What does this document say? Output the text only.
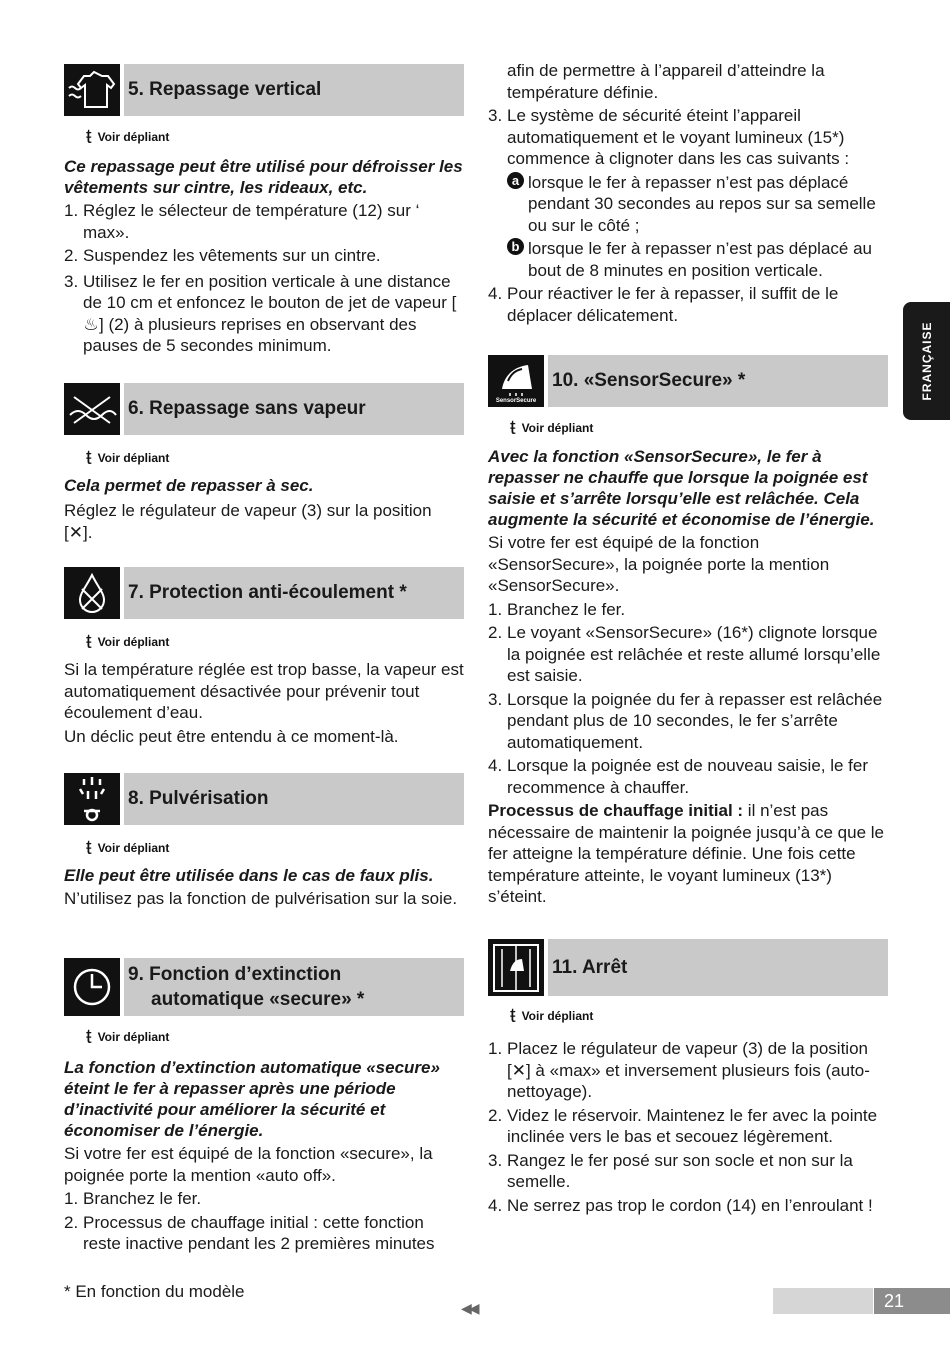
5. Repassage vertical
ŧ Voir dépliant

Ce repassage peut être utilisé pour défroisser les vêtements sur cintre, les rideaux, etc.

1. Réglez le sélecteur de température (12) sur ‘ max».
2. Suspendez les vêtements sur un cintre.
3. Utilisez le fer en position verticale à une distance de 10 cm et enfoncez le bouton de jet de vapeur [♨] (2) à plusieurs reprises en observant des pauses de 5 secondes minimum.
6. Repassage sans vapeur
ŧ Voir dépliant

Cela permet de repasser à sec.

Réglez le régulateur de vapeur (3) sur la position [✕].

7. Protection anti-écoulement *
ŧ Voir dépliant

Si la température réglée est trop basse, la vapeur est automatiquement désactivée pour prévenir tout écoulement d’eau.

Un déclic peut être entendu à ce moment-là.

8. Pulvérisation
ŧ Voir dépliant

Elle peut être utilisée dans le cas de faux plis.

N’utilisez pas la fonction de pulvérisation sur la soie.

9. Fonction d’extinction
automatique «secure» *
ŧ Voir dépliant

La fonction d’extinction automatique «secure» éteint le fer à repasser après une période d’inactivité pour améliorer la sécurité et économiser de l’énergie.

Si votre fer est équipé de la fonction «secure», la poignée porte la mention «auto off».

1. Branchez le fer.
2. Processus de chauffage initial : cette fonction reste inactive pendant les 2 premières minutes
* En fonction du modèle
afin de permettre à l’appareil d’atteindre la température définie.
3. Le système de sécurité éteint l’appareil automatiquement et le voyant lumineux (15*) commence à clignoter dans les cas suivants :
a lorsque le fer à repasser n’est pas déplacé pendant 30 secondes au repos sur sa semelle ou sur le côté ;
b lorsque le fer à repasser n’est pas déplacé au bout de 8 minutes en position verticale.
4. Pour réactiver le fer à repasser, il suffit de le déplacer délicatement.
SensorSecure
10. «SensorSecure» *
ŧ Voir dépliant

Avec la fonction «SensorSecure», le fer à repasser ne chauffe que lorsque la poignée est saisie et s’arrête lorsqu’elle est relâchée. Cela augmente la sécurité et économise de l’énergie.

Si votre fer est équipé de la fonction «SensorSecure», la poignée porte la mention «SensorSecure».

1. Branchez le fer.
2. Le voyant «SensorSecure» (16*) clignote lorsque la poignée est relâchée et reste allumé lorsqu’elle est saisie.
3. Lorsque la poignée du fer à repasser est relâchée pendant plus de 10 secondes, le fer s’arrête automatiquement.
4. Lorsque la poignée est de nouveau saisie, le fer recommence à chauffer.

Processus de chauffage initial : il n’est pas nécessaire de maintenir la poignée jusqu’à ce que le fer atteigne la température définie. Une fois cette température atteinte, le voyant lumineux (13*) s’éteint.

11. Arrêt
ŧ Voir dépliant
1. Placez le régulateur de vapeur (3) de la position [✕] à «max» et inversement plusieurs fois (auto-nettoyage).
2. Videz le réservoir. Maintenez le fer avec la pointe inclinée vers le bas et secouez légèrement.
3. Rangez le fer posé sur son socle et non sur la semelle.
4. Ne serrez pas trop le cordon (14) en l’enroulant !
FRANÇAISE
◀◀	21
